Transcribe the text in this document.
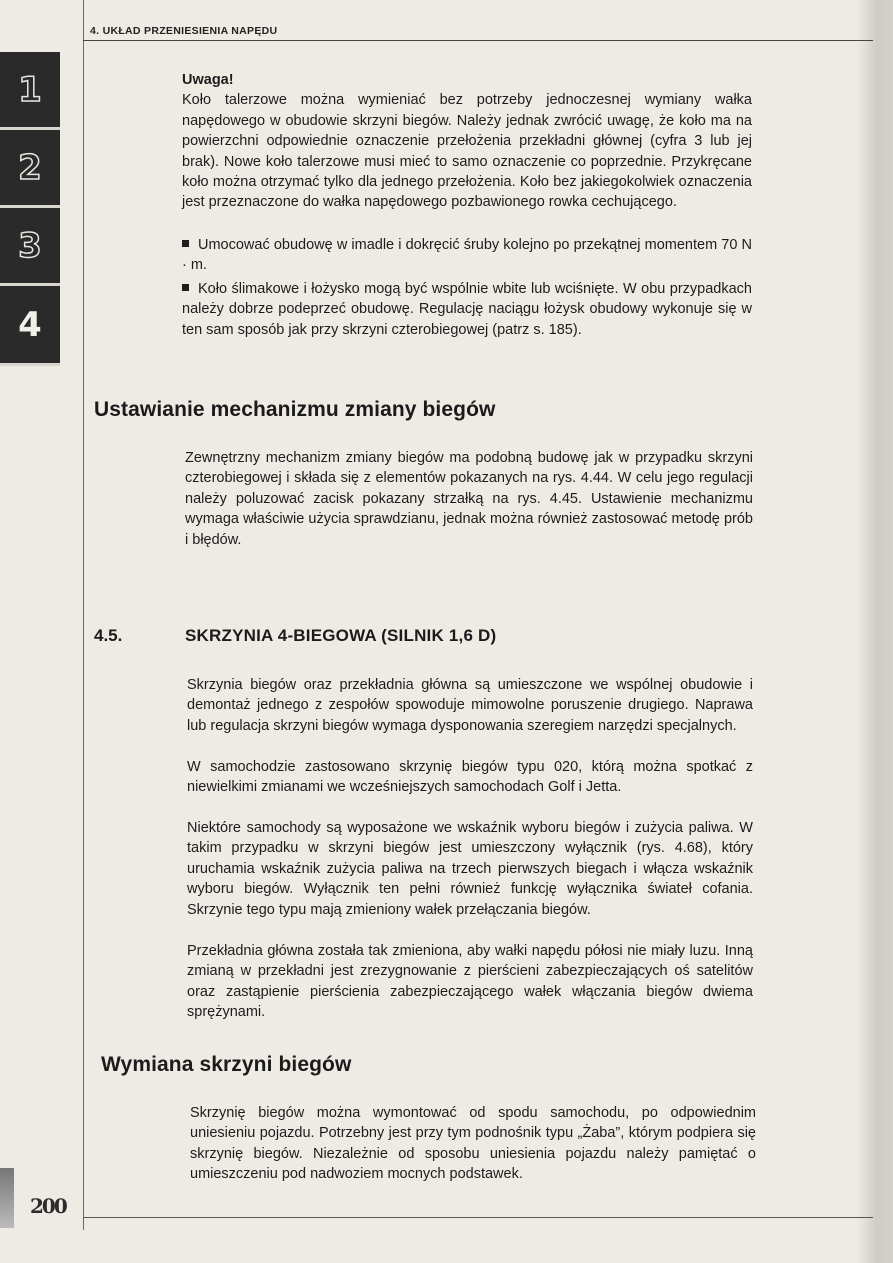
4. UKŁAD PRZENIESIENIA NAPĘDU
1
2
3
4

Uwaga!
Koło talerzowe można wymieniać bez potrzeby jednoczesnej wymiany wałka napędowego w obudowie skrzyni biegów. Należy jednak zwrócić uwagę, że koło ma na powierzchni odpowiednie oznaczenie przełożenia przekładni głównej (cyfra 3 lub jej brak). Nowe koło talerzowe musi mieć to samo oznaczenie co poprzednie. Przykręcane koło można otrzymać tylko dla jednego przełożenia. Koło bez jakiegokolwiek oznaczenia jest przeznaczone do wałka napędowego pozbawionego rowka cechującego.

Umocować obudowę w imadle i dokręcić śruby kolejno po przekątnej momentem 70 N · m.

Koło ślimakowe i łożysko mogą być wspólnie wbite lub wciśnięte. W obu przypadkach należy dobrze podeprzeć obudowę. Regulację naciągu łożysk obudowy wykonuje się w ten sam sposób jak przy skrzyni czterobiegowej (patrz s. 185).

Ustawianie mechanizmu zmiany biegów

Zewnętrzny mechanizm zmiany biegów ma podobną budowę jak w przypadku skrzyni czterobiegowej i składa się z elementów pokazanych na rys. 4.44. W celu jego regulacji należy poluzować zacisk pokazany strzałką na rys. 4.45. Ustawienie mechanizmu wymaga właściwie użycia sprawdzianu, jednak można również zastosować metodę prób i błędów.

4.5.	SKRZYNIA 4-BIEGOWA (SILNIK 1,6 D)

Skrzynia biegów oraz przekładnia główna są umieszczone we wspólnej obudowie i demontaż jednego z zespołów spowoduje mimowolne poruszenie drugiego. Naprawa lub regulacja skrzyni biegów wymaga dysponowania szeregiem narzędzi specjalnych.

W samochodzie zastosowano skrzynię biegów typu 020, którą można spotkać z niewielkimi zmianami we wcześniejszych samochodach Golf i Jetta.

Niektóre samochody są wyposażone we wskaźnik wyboru biegów i zużycia paliwa. W takim przypadku w skrzyni biegów jest umieszczony wyłącznik (rys. 4.68), który uruchamia wskaźnik zużycia paliwa na trzech pierwszych biegach i włącza wskaźnik wyboru biegów. Wyłącznik ten pełni również funkcję wyłącznika świateł cofania. Skrzynie tego typu mają zmieniony wałek przełączania biegów.

Przekładnia główna została tak zmieniona, aby wałki napędu półosi nie miały luzu. Inną zmianą w przekładni jest zrezygnowanie z pierścieni zabezpieczających oś satelitów oraz zastąpienie pierścienia zabezpieczającego wałek włączania biegów dwiema sprężynami.

Wymiana skrzyni biegów

Skrzynię biegów można wymontować od spodu samochodu, po odpowiednim uniesieniu pojazdu. Potrzebny jest przy tym podnośnik typu „Żaba”, którym podpiera się skrzynię biegów. Niezależnie od sposobu uniesienia pojazdu należy pamiętać o umieszczeniu pod nadwoziem mocnych podstawek.

200
